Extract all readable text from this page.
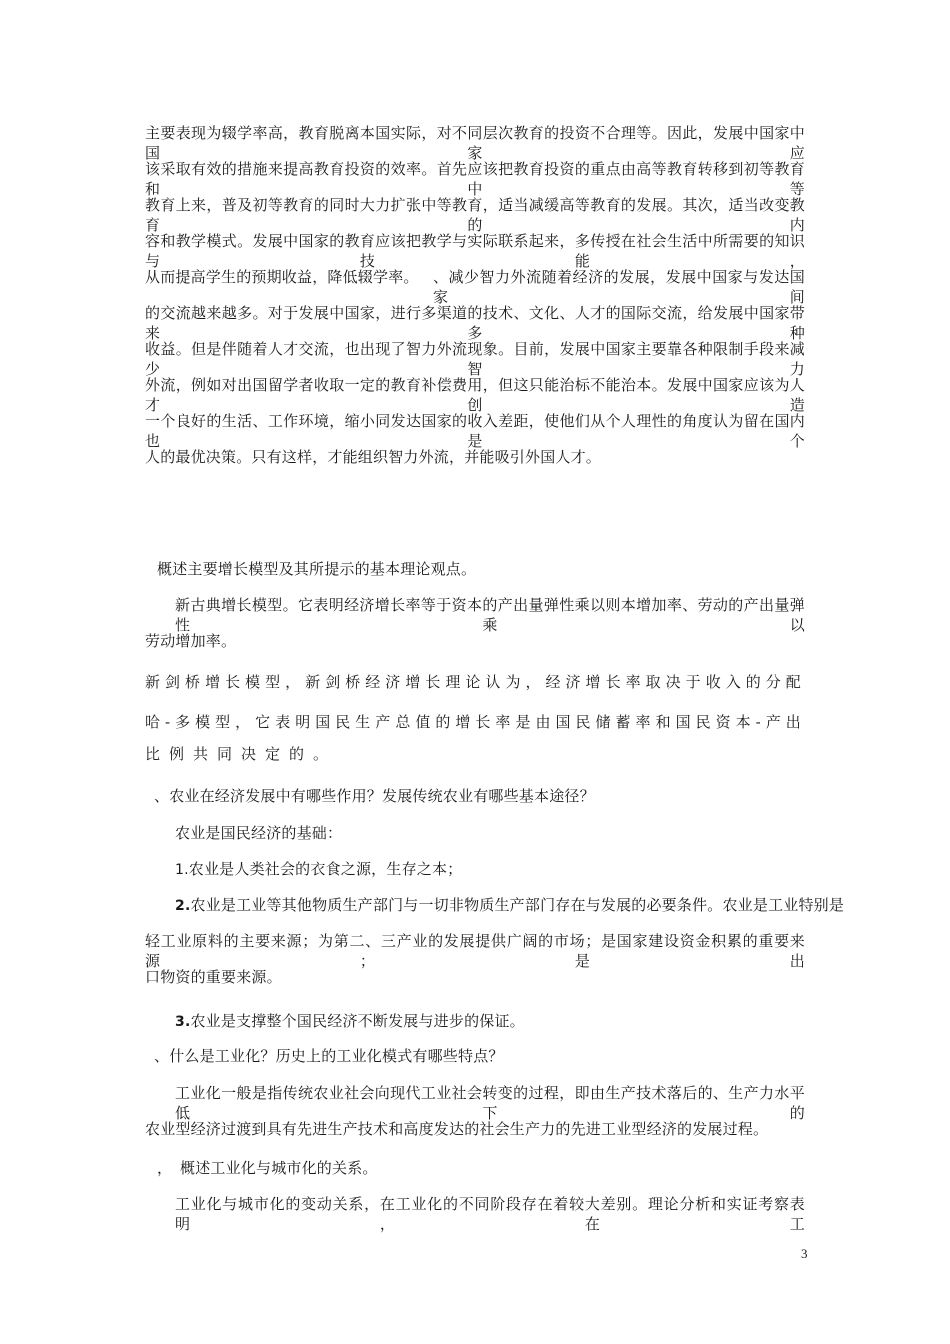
主要表现为辍学率高，教育脱离本国实际，对不同层次教育的投资不合理等。因此，发展中国家中国家应
该采取有效的措施来提高教育投资的效率。首先应该把教育投资的重点由高等教育转移到初等教育和中等
教育上来，普及初等教育的同时大力扩张中等教育，适当减缓高等教育的发展。其次，适当改变教育的内
容和教学模式。发展中国家的教育应该把教学与实际联系起来，多传授在社会生活中所需要的知识与技能，
从而提高学生的预期收益，降低辍学率。 、减少智力外流随着经济的发展，发展中国家与发达国家间
的交流越来越多。对于发展中国家，进行多渠道的技术、文化、人才的国际交流，给发展中国家带来多种
收益。但是伴随着人才交流，也出现了智力外流现象。目前，发展中国家主要靠各种限制手段来减少智力
外流，例如对出国留学者收取一定的教育补偿费用，但这只能治标不能治本。发展中国家应该为人才创造
一个良好的生活、工作环境，缩小同发达国家的收入差距，使他们从个人理性的角度认为留在国内也是个
人的最优决策。只有这样，才能组织智力外流，并能吸引外国人才。
概述主要增长模型及其所提示的基本理论观点。
新古典增长模型。它表明经济增长率等于资本的产出量弹性乘以则本增加率、劳动的产出量弹性乘以
劳动增加率。
新剑桥增长模型，新剑桥经济增长理论认为，经济增长率取决于收入的分配
哈-多模型，它表明国民生产总值的增长率是由国民储蓄率和国民资本-产出
比例共同决定的。
、农业在经济发展中有哪些作用？发展传统农业有哪些基本途径？
农业是国民经济的基础：
1.农业是人类社会的衣食之源，生存之本；
2.农业是工业等其他物质生产部门与一切非物质生产部门存在与发展的必要条件。农业是工业特别是
轻工业原料的主要来源；为第二、三产业的发展提供广阔的市场；是国家建设资金积累的重要来源；是出
口物资的重要来源。
3.农业是支撑整个国民经济不断发展与进步的保证。
、什么是工业化？历史上的工业化模式有哪些特点？
工业化一般是指传统农业社会向现代工业社会转变的过程，即由生产技术落后的、生产力水平低下的
农业型经济过渡到具有先进生产技术和高度发达的社会生产力的先进工业型经济的发展过程。
， 概述工业化与城市化的关系。
工业化与城市化的变动关系，在工业化的不同阶段存在着较大差别。理论分析和实证考察表明，在工
3
